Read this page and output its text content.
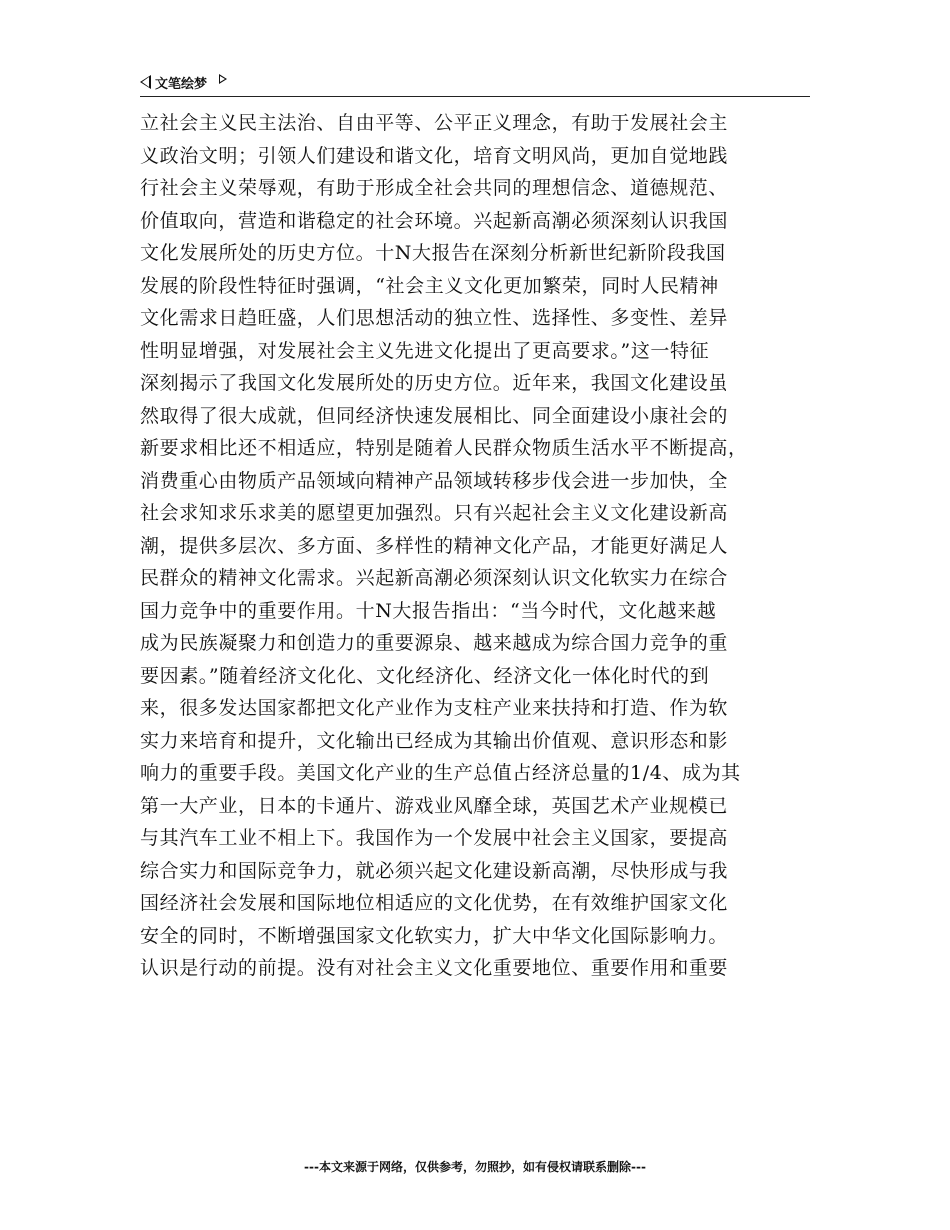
文笔绘梦
立社会主义民主法治、自由平等、公平正义理念，有助于发展社会主
义政治文明；引领人们建设和谐文化，培育文明风尚，更加自觉地践
行社会主义荣辱观，有助于形成全社会共同的理想信念、道德规范、
价值取向，营造和谐稳定的社会环境。兴起新高潮必须深刻认识我国
文化发展所处的历史方位。十N大报告在深刻分析新世纪新阶段我国
发展的阶段性特征时强调，“社会主义文化更加繁荣，同时人民精神
文化需求日趋旺盛，人们思想活动的独立性、选择性、多变性、差异
性明显增强，对发展社会主义先进文化提出了更高要求。”这一特征
深刻揭示了我国文化发展所处的历史方位。近年来，我国文化建设虽
然取得了很大成就，但同经济快速发展相比、同全面建设小康社会的
新要求相比还不相适应，特别是随着人民群众物质生活水平不断提高，
消费重心由物质产品领域向精神产品领域转移步伐会进一步加快，全
社会求知求乐求美的愿望更加强烈。只有兴起社会主义文化建设新高
潮，提供多层次、多方面、多样性的精神文化产品，才能更好满足人
民群众的精神文化需求。兴起新高潮必须深刻认识文化软实力在综合
国力竞争中的重要作用。十N大报告指出：“当今时代，文化越来越
成为民族凝聚力和创造力的重要源泉、越来越成为综合国力竞争的重
要因素。”随着经济文化化、文化经济化、经济文化一体化时代的到
来，很多发达国家都把文化产业作为支柱产业来扶持和打造、作为软
实力来培育和提升，文化输出已经成为其输出价值观、意识形态和影
响力的重要手段。美国文化产业的生产总值占经济总量的1/4、成为其
第一大产业，日本的卡通片、游戏业风靡全球，英国艺术产业规模已
与其汽车工业不相上下。我国作为一个发展中社会主义国家，要提高
综合实力和国际竞争力，就必须兴起文化建设新高潮，尽快形成与我
国经济社会发展和国际地位相适应的文化优势，在有效维护国家文化
安全的同时，不断增强国家文化软实力，扩大中华文化国际影响力。
认识是行动的前提。没有对社会主义文化重要地位、重要作用和重要
---本文来源于网络，仅供参考，勿照抄，如有侵权请联系删除---
